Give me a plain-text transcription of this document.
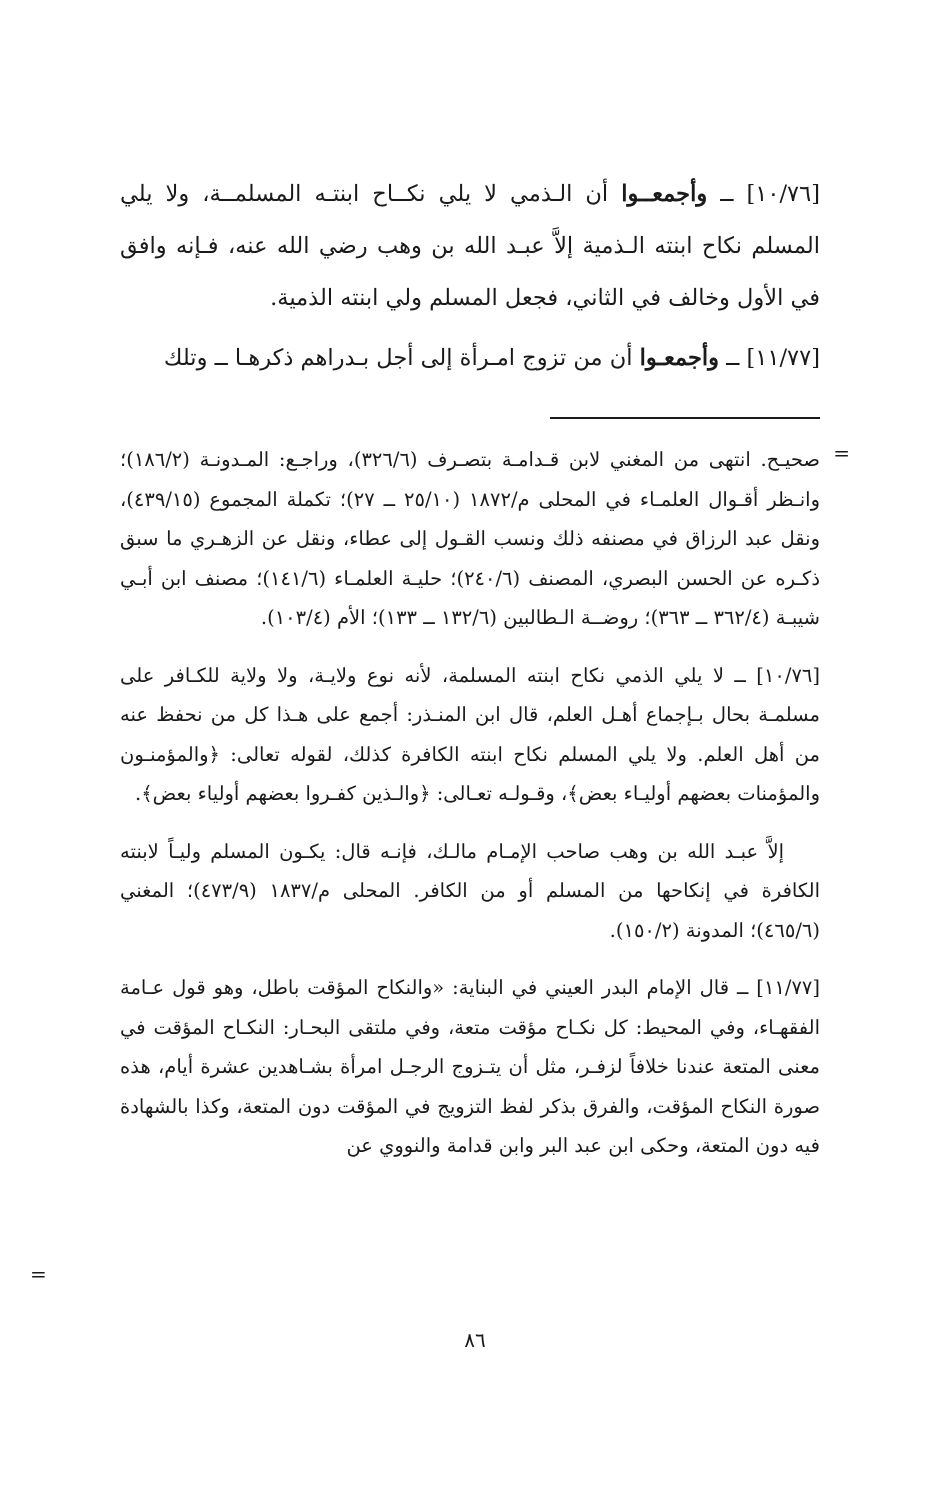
[١٠/٧٦] ــ وأجمعــوا أن الـذمي لا يلي نكــاح ابنتـه المسلمــة، ولا يلي المسلم نكاح ابنته الـذمية إلاَّ عبـد الله بن وهب رضي الله عنه، فـإنه وافق في الأول وخالف في الثاني، فجعل المسلم ولي ابنته الذمية.

[١١/٧٧] ــ وأجمعـوا أن من تزوج امـرأة إلى أجل بـدراهم ذكرهـا ــ وتلك

=

صحيـح. انتهى من المغني لابن قـدامـة بتصـرف (٣٢٦/٦)، وراجـع: المـدونـة (١٨٦/٢)؛ وانـظر أقـوال العلمـاء في المحلى م/١٨٧٢ (٢٥/١٠ ــ ٢٧)؛ تكملة المجموع (٤٣٩/١٥)، ونقل عبد الرزاق في مصنفه ذلك ونسب القـول إلى عطاء، ونقل عن الزهـري ما سبق ذكـره عن الحسن البصري، المصنف (٢٤٠/٦)؛ حليـة العلمـاء (١٤١/٦)؛ مصنف ابن أبـي شيبـة (٣٦٢/٤ ــ ٣٦٣)؛ روضــة الـطالبين (١٣٢/٦ ــ ١٣٣)؛ الأم (١٠٣/٤).

[١٠/٧٦] ــ لا يلي الذمي نكاح ابنته المسلمة، لأنه نوع ولايـة، ولا ولاية للكـافر على مسلمـة بحال بـإجماع أهـل العلم، قال ابن المنـذر: أجمع على هـذا كل من نحفظ عنه من أهل العلم. ولا يلي المسلم نكاح ابنته الكافرة كذلك، لقوله تعالى: ﴿والمؤمنـون والمؤمنات بعضهم أوليـاء بعض﴾، وقـولـه تعـالى: ﴿والـذين كفـروا بعضهم أولياء بعض﴾.

إلاَّ عبـد الله بن وهب صاحب الإمـام مالـك، فإنـه قال: يكـون المسلم وليـاً لابنته الكافرة في إنكاحها من المسلم أو من الكافر. المحلى م/١٨٣٧ (٤٧٣/٩)؛ المغني (٤٦٥/٦)؛ المدونة (١٥٠/٢).

[١١/٧٧] ــ قال الإمام البدر العيني في البناية: «والنكاح المؤقت باطل، وهو قول عـامة الفقهـاء، وفي المحيط: كل نكـاح مؤقت متعة، وفي ملتقى البحـار: النكـاح المؤقت في معنى المتعة عندنا خلافاً لزفـر، مثل أن يتـزوج الرجـل امرأة بشـاهدين عشرة أيام، هذه صورة النكاح المؤقت، والفرق بذكر لفظ التزويج في المؤقت دون المتعة، وكذا بالشهادة فيه دون المتعة، وحكى ابن عبد البر وابن قدامة والنووي عن

=
٨٦
